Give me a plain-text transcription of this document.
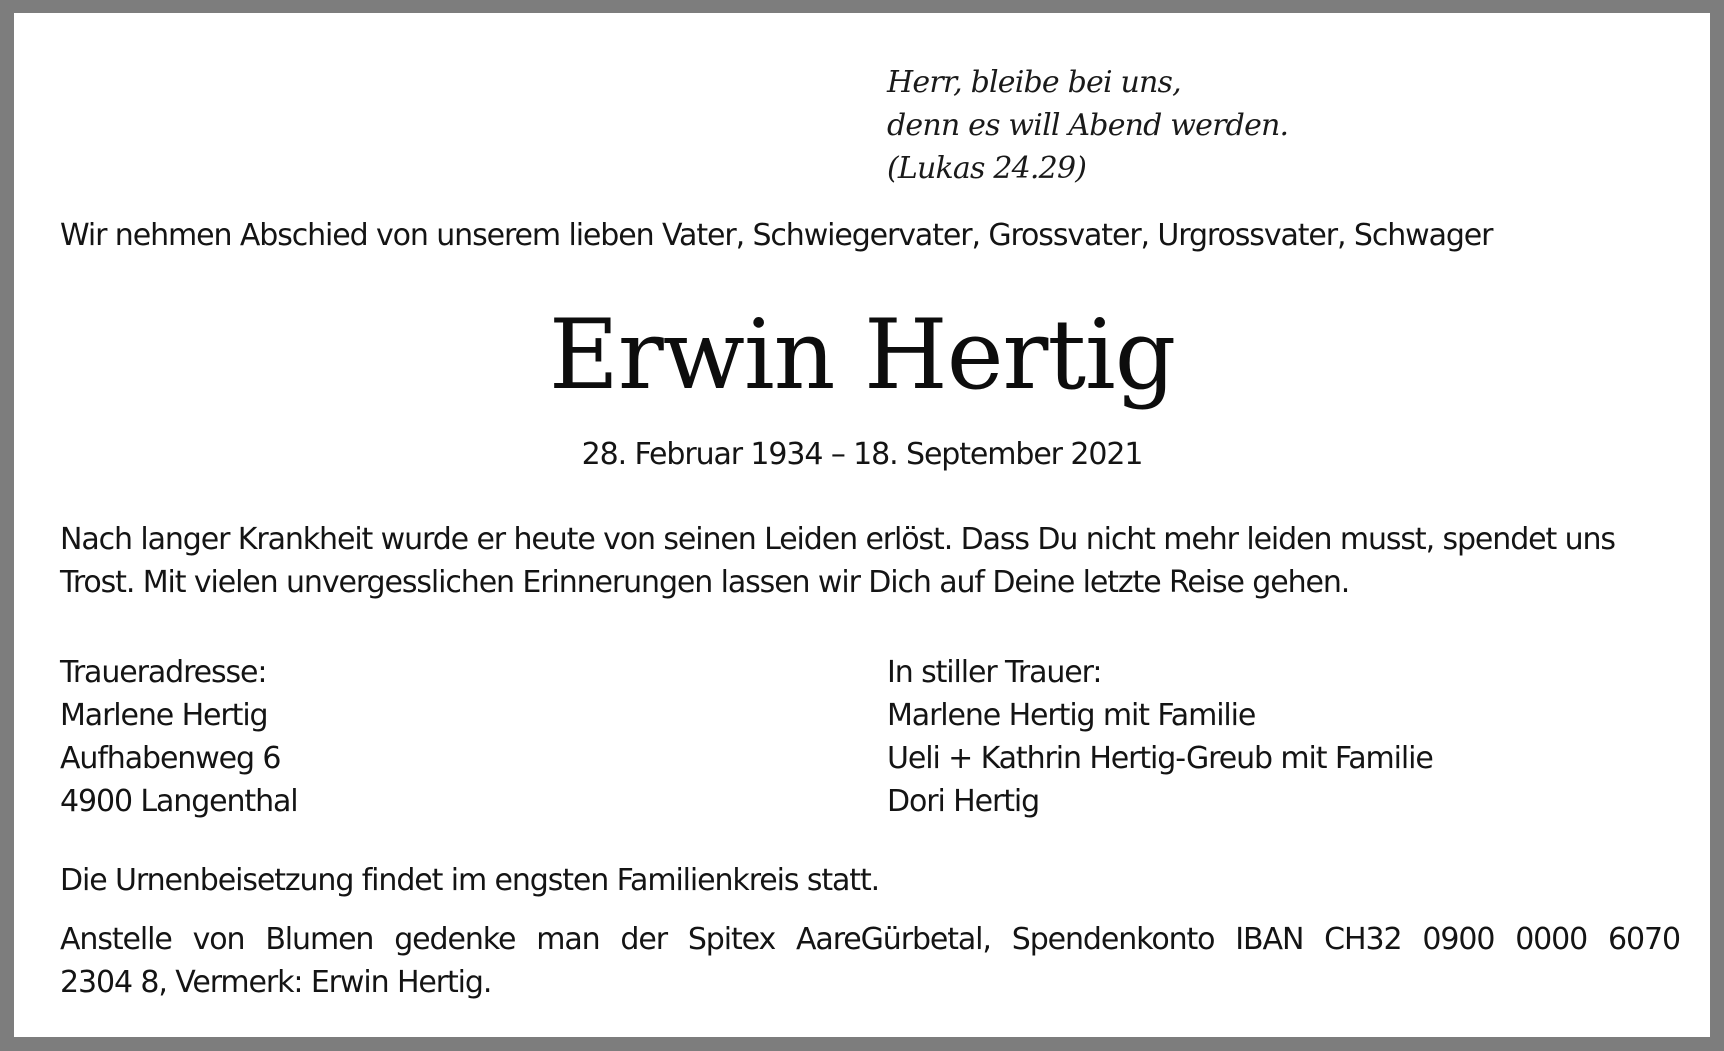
Herr, bleibe bei uns,
denn es will Abend werden.
(Lukas 24.29)
Wir nehmen Abschied von unserem lieben Vater, Schwiegervater, Grossvater, Urgrossvater, Schwager
Erwin Hertig
28. Februar 1934 – 18. September 2021
Nach langer Krankheit wurde er heute von seinen Leiden erlöst. Dass Du nicht mehr leiden musst, spendet uns
Trost. Mit vielen unvergesslichen Erinnerungen lassen wir Dich auf Deine letzte Reise gehen.
Traueradresse:
Marlene Hertig
Aufhabenweg 6
4900 Langenthal
In stiller Trauer:
Marlene Hertig mit Familie
Ueli + Kathrin Hertig-Greub mit Familie
Dori Hertig
Die Urnenbeisetzung findet im engsten Familienkreis statt.
Anstelle von Blumen gedenke man der Spitex AareGürbetal, Spendenkonto IBAN CH32 0900 0000 6070
2304 8, Vermerk: Erwin Hertig.
